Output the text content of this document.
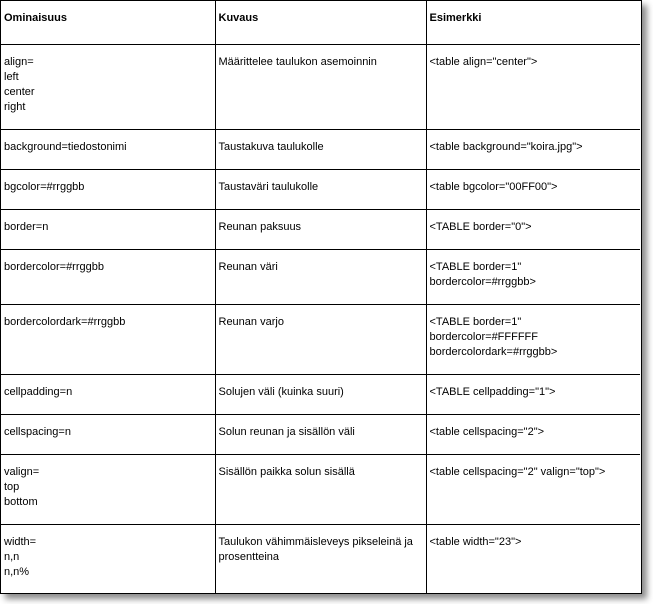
Ominaisuus	Kuvaus	Esimerkki

align=
left
center
right	Määrittelee taulukon asemoinnin	<table align="center">

background=tiedostonimi	Taustakuva taulukolle	<table background="koira.jpg">

bgcolor=#rrggbb	Taustaväri taulukolle	<table bgcolor="00FF00">

border=n	Reunan paksuus	<TABLE border="0">

bordercolor=#rrggbb	Reunan väri	<TABLE border=1"
bordercolor=#rrggbb>

bordercolordark=#rrggbb	Reunan varjo	<TABLE border=1"
bordercolor=#FFFFFF
bordercolordark=#rrggbb>

cellpadding=n	Solujen väli (kuinka suuri)	<TABLE cellpadding="1">

cellspacing=n	Solun reunan ja sisällön väli	<table cellspacing="2">

valign=
top
bottom	Sisällön paikka solun sisällä	<table cellspacing="2" valign="top">

width=
n,n
n,n%	Taulukon vähimmäisleveys pikseleinä ja prosentteina	<table width="23">
